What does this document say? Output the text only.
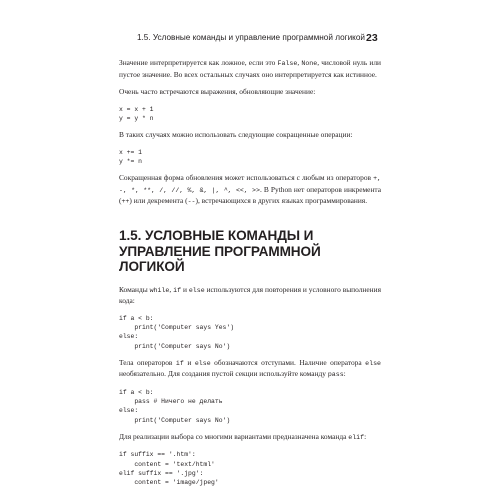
1.5. Условные команды и управление программной логикой 23

Значение интерпретируется как ложное, если это False, None, числовой нуль или пустое значение. Во всех остальных случаях оно интерпретируется как истинное.

Очень часто встречаются выражения, обновляющие значение:

x = x + 1
y = y * n

В таких случаях можно использовать следующие сокращенные операции:

x += 1
y *= n

Сокращенная форма обновления может использоваться с любым из операторов +, -, *, **, /, //, %, &, |, ^, <<, >>. В Python нет операторов инкремента (++) или декремента (--), встречающихся в других языках программирования.

1.5. УСЛОВНЫЕ КОМАНДЫ И УПРАВЛЕНИЕ ПРОГРАММНОЙ ЛОГИКОЙ

Команды while, if и else используются для повторения и условного выполнения кода:

if a < b:
print('Computer says Yes')
else:
print('Computer says No')

Тела операторов if и else обозначаются отступами. Наличие оператора else необязательно. Для создания пустой секции используйте команду pass:

if a < b:
pass # Ничего не делать
else:
print('Computer says No')

Для реализации выбора со многими вариантами предназначена команда elif:

if suffix == '.htm':
content = 'text/html'
elif suffix == '.jpg':
content = 'image/jpeg'
